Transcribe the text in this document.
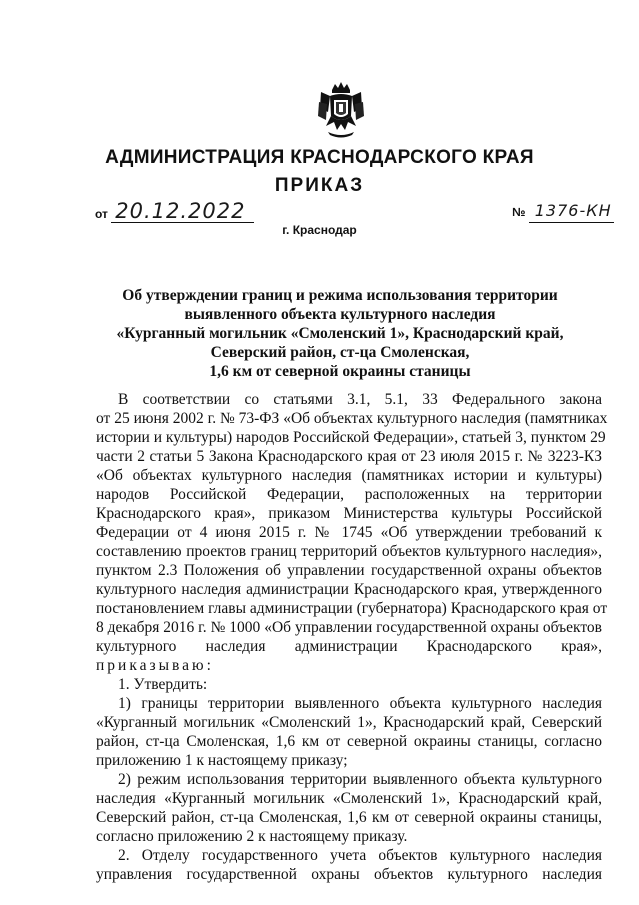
АДМИНИСТРАЦИЯ КРАСНОДАРСКОГО КРАЯ
ПРИКАЗ
от 20.12.2022	№ 1376-КН
г. Краснодар
Об утверждении границ и режима использования территории
выявленного объекта культурного наследия
«Курганный могильник «Смоленский 1», Краснодарский край,
Северский район, ст-ца Смоленская,
1,6 км от северной окраины станицы
В соответствии со статьями 3.1, 5.1, 33 Федерального закона
от 25 июня 2002 г. № 73-ФЗ «Об объектах культурного наследия (памятниках
истории и культуры) народов Российской Федерации», статьей 3, пунктом 29
части 2 статьи 5 Закона Краснодарского края от 23 июля 2015 г. № 3223-КЗ
«Об объектах культурного наследия (памятниках истории и культуры)
народов Российской Федерации, расположенных на территории
Краснодарского края», приказом Министерства культуры Российской
Федерации от 4 июня 2015 г. № 1745 «Об утверждении требований к
составлению проектов границ территорий объектов культурного наследия»,
пунктом 2.3 Положения об управлении государственной охраны объектов
культурного наследия администрации Краснодарского края, утвержденного
постановлением главы администрации (губернатора) Краснодарского края от
8 декабря 2016 г. № 1000 «Об управлении государственной охраны объектов
культурного наследия администрации Краснодарского края»,
приказываю:
1. Утвердить:
1) границы территории выявленного объекта культурного наследия
«Курганный могильник «Смоленский 1», Краснодарский край, Северский
район, ст-ца Смоленская, 1,6 км от северной окраины станицы, согласно
приложению 1 к настоящему приказу;
2) режим использования территории выявленного объекта культурного
наследия «Курганный могильник «Смоленский 1», Краснодарский край,
Северский район, ст-ца Смоленская, 1,6 км от северной окраины станицы,
согласно приложению 2 к настоящему приказу.
2. Отделу государственного учета объектов культурного наследия
управления государственной охраны объектов культурного наследия
